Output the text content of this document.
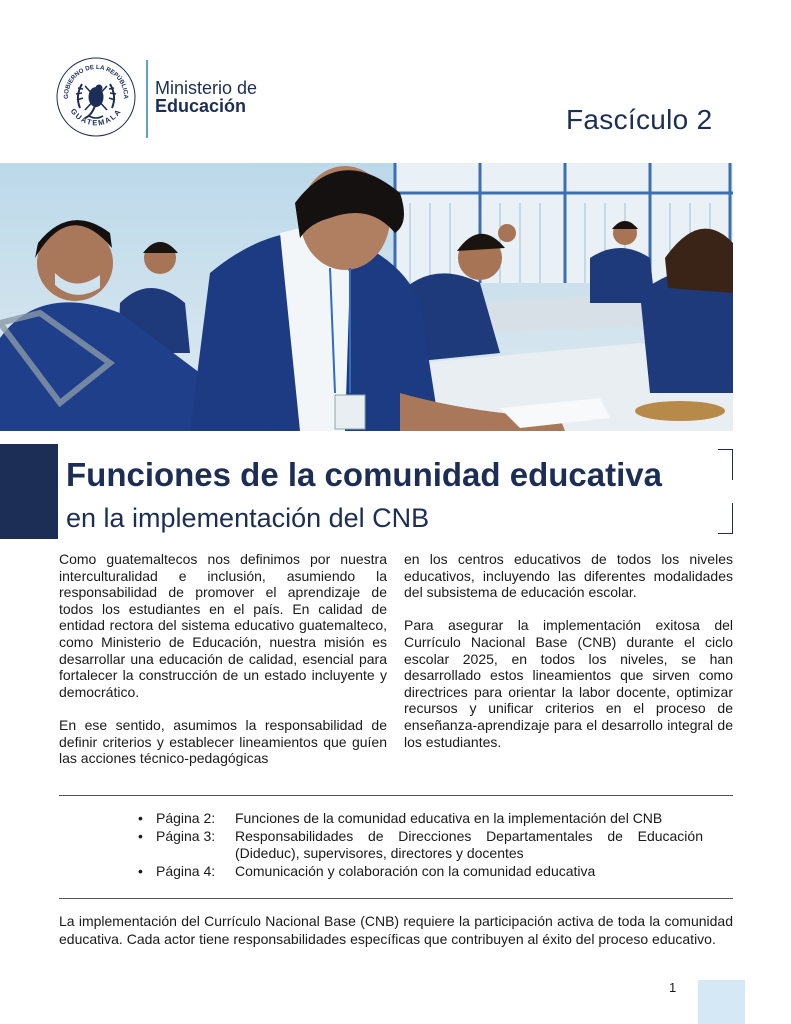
GOBIERNO DE LA REPÚBLICA
GUATEMALA
Ministerio de
Educación	Fascículo 2
Funciones de la comunidad educativa
en la implementación del CNB

Como guatemaltecos nos definimos por nuestra interculturalidad e inclusión, asumiendo la responsabilidad de promover el aprendizaje de todos los estudiantes en el país. En calidad de entidad rectora del sistema educativo guatemalteco, como Ministerio de Educación, nuestra misión es desarrollar una educación de calidad, esencial para fortalecer la construcción de un estado incluyente y democrático.

En ese sentido, asumimos la responsabilidad de definir criterios y establecer lineamientos que guíen las acciones técnico-pedagógicas

en los centros educativos de todos los niveles educativos, incluyendo las diferentes modalidades del subsistema de educación escolar.

Para asegurar la implementación exitosa del Currículo Nacional Base (CNB) durante el ciclo escolar 2025, en todos los niveles, se han desarrollado estos lineamientos que sirven como directrices para orientar la labor docente, optimizar recursos y unificar criterios en el proceso de enseñanza-aprendizaje para el desarrollo integral de los estudiantes.

• Página 2: Funciones de la comunidad educativa en la implementación del CNB
• Página 3: Responsabilidades de Direcciones Departamentales de Educación (Dideduc), supervisores, directores y docentes
• Página 4: Comunicación y colaboración con la comunidad educativa
La implementación del Currículo Nacional Base (CNB) requiere la participación activa de toda la comunidad educativa. Cada actor tiene responsabilidades específicas que contribuyen al éxito del proceso educativo.
1
